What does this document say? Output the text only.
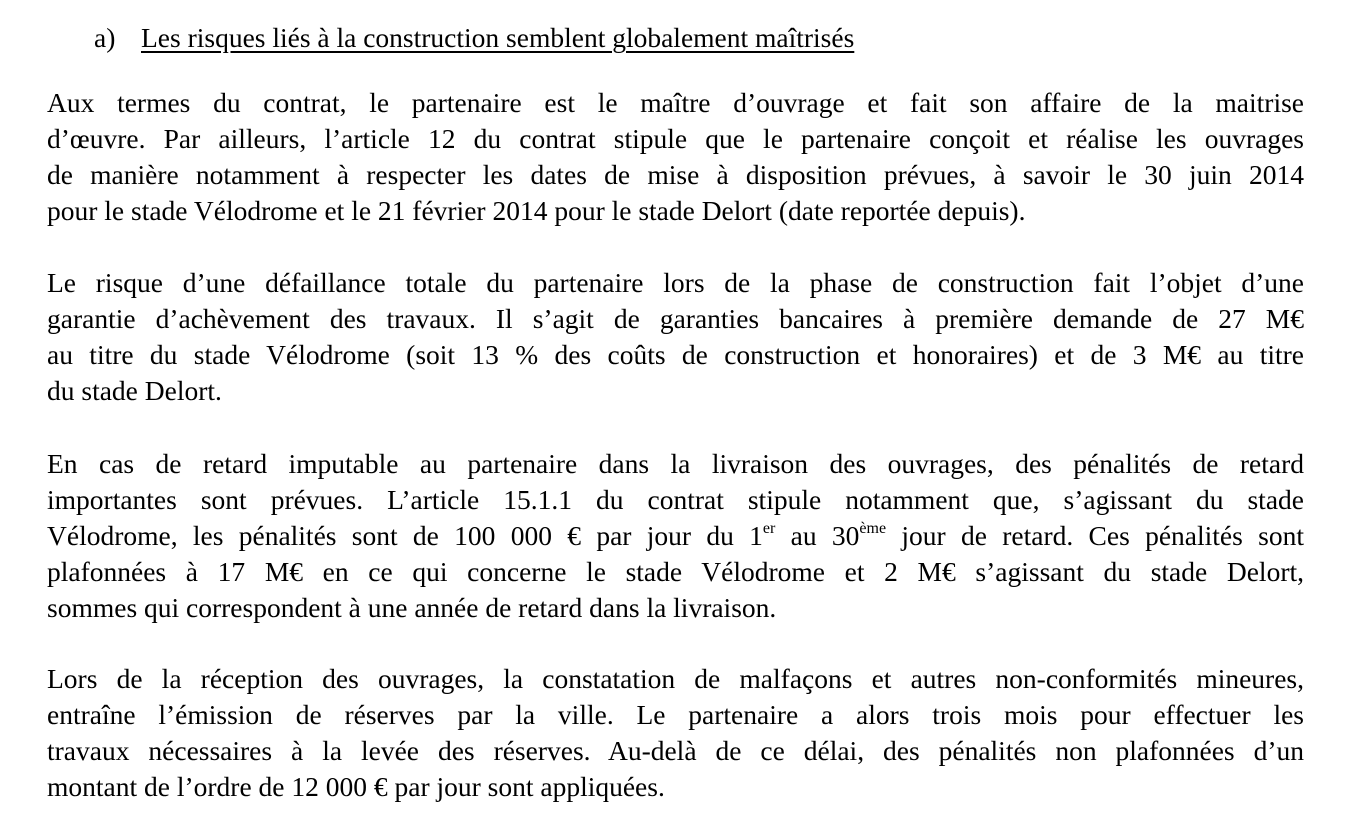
a) Les risques liés à la construction semblent globalement maîtrisés
Aux termes du contrat, le partenaire est le maître d’ouvrage et fait son affaire de la maitrise
d’œuvre. Par ailleurs, l’article 12 du contrat stipule que le partenaire conçoit et réalise les ouvrages
de manière notamment à respecter les dates de mise à disposition prévues, à savoir le 30 juin 2014
pour le stade Vélodrome et le 21 février 2014 pour le stade Delort (date reportée depuis).
Le risque d’une défaillance totale du partenaire lors de la phase de construction fait l’objet d’une
garantie d’achèvement des travaux. Il s’agit de garanties bancaires à première demande de 27 M€
au titre du stade Vélodrome (soit 13 % des coûts de construction et honoraires) et de 3 M€ au titre
du stade Delort.
En cas de retard imputable au partenaire dans la livraison des ouvrages, des pénalités de retard
importantes sont prévues. L’article 15.1.1 du contrat stipule notamment que, s’agissant du stade
Vélodrome, les pénalités sont de 100 000 € par jour du 1er au 30ème jour de retard. Ces pénalités sont
plafonnées à 17 M€ en ce qui concerne le stade Vélodrome et 2 M€ s’agissant du stade Delort,
sommes qui correspondent à une année de retard dans la livraison.
Lors de la réception des ouvrages, la constatation de malfaçons et autres non-conformités mineures,
entraîne l’émission de réserves par la ville. Le partenaire a alors trois mois pour effectuer les
travaux nécessaires à la levée des réserves. Au-delà de ce délai, des pénalités non plafonnées d’un
montant de l’ordre de 12 000 € par jour sont appliquées.
